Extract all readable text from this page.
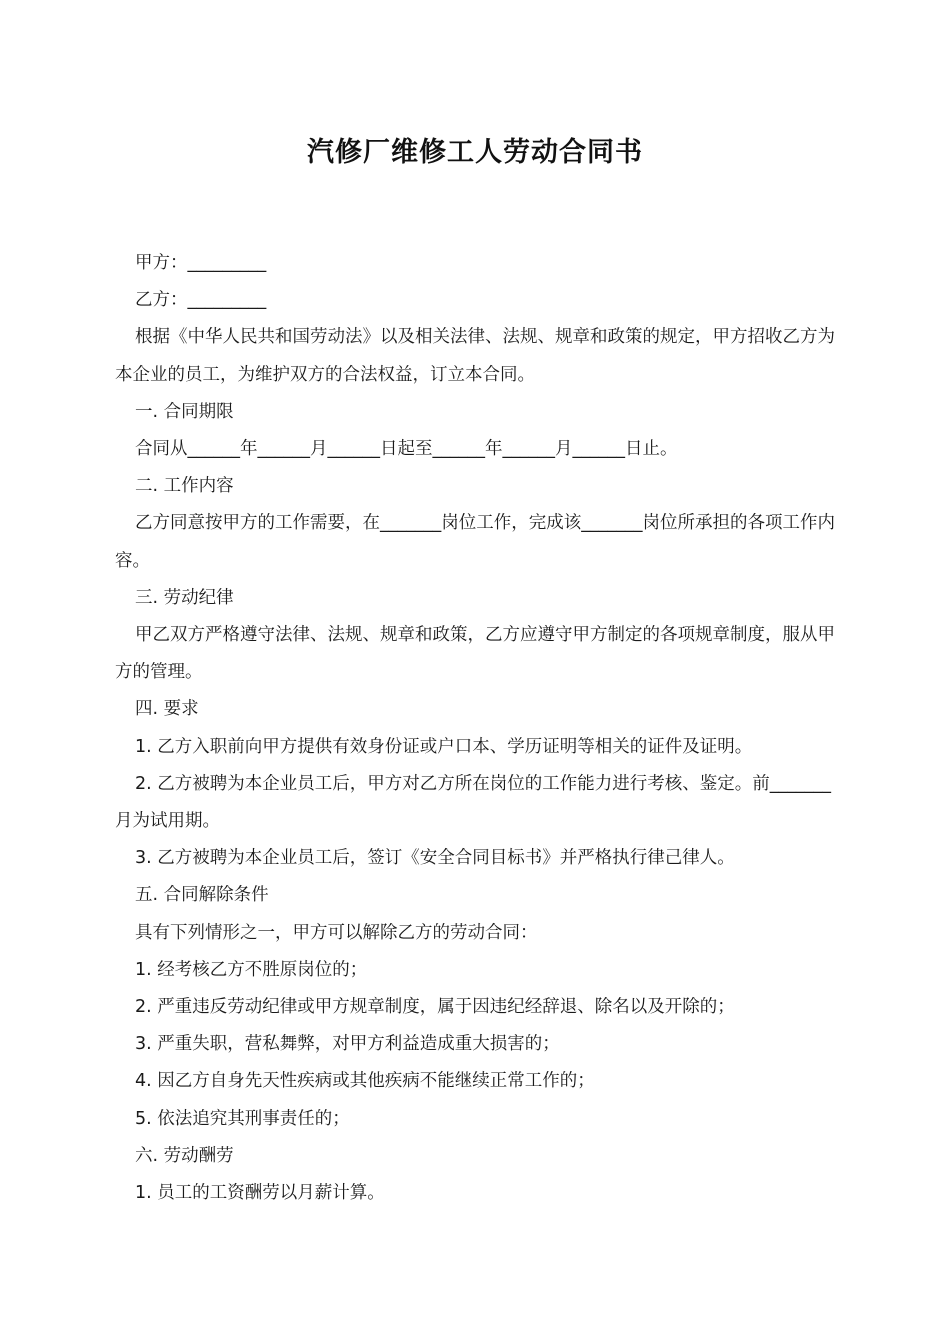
汽修厂维修工人劳动合同书

甲方：_________

乙方：_________

根据《中华人民共和国劳动法》以及相关法律、法规、规章和政策的规定，甲方招收乙方为本企业的员工，为维护双方的合法权益，订立本合同。

一. 合同期限

合同从______年______月______日起至______年______月______日止。

二. 工作内容

乙方同意按甲方的工作需要，在_______岗位工作，完成该_______岗位所承担的各项工作内容。

三. 劳动纪律

甲乙双方严格遵守法律、法规、规章和政策，乙方应遵守甲方制定的各项规章制度，服从甲方的管理。

四. 要求

1. 乙方入职前向甲方提供有效身份证或户口本、学历证明等相关的证件及证明。

2. 乙方被聘为本企业员工后，甲方对乙方所在岗位的工作能力进行考核、鉴定。前_______月为试用期。

3. 乙方被聘为本企业员工后，签订《安全合同目标书》并严格执行律己律人。

五. 合同解除条件

具有下列情形之一，甲方可以解除乙方的劳动合同：

1. 经考核乙方不胜原岗位的；

2. 严重违反劳动纪律或甲方规章制度，属于因违纪经辞退、除名以及开除的；

3. 严重失职，营私舞弊，对甲方利益造成重大损害的；

4. 因乙方自身先天性疾病或其他疾病不能继续正常工作的；

5. 依法追究其刑事责任的；

六. 劳动酬劳

1. 员工的工资酬劳以月薪计算。
